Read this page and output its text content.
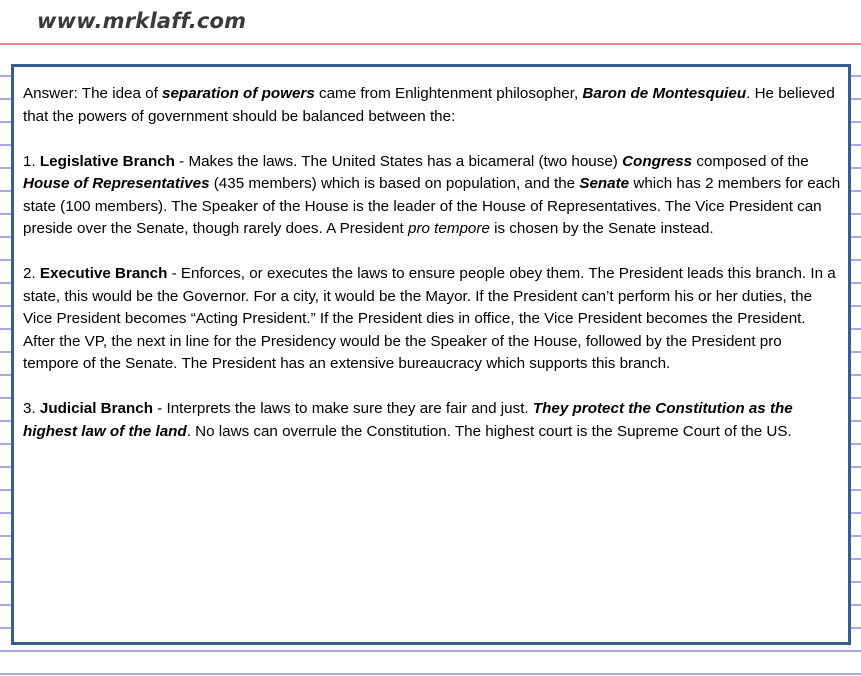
www.mrklaff.com

Answer: The idea of separation of powers came from Enlightenment philosopher, Baron de Montesquieu. He believed that the powers of government should be balanced between the:

1. Legislative Branch - Makes the laws. The United States has a bicameral (two house) Congress composed of the House of Representatives (435 members) which is based on population, and the Senate which has 2 members for each state (100 members). The Speaker of the House is the leader of the House of Representatives. The Vice President can preside over the Senate, though rarely does. A President pro tempore is chosen by the Senate instead.

2. Executive Branch - Enforces, or executes the laws to ensure people obey them. The President leads this branch. In a state, this would be the Governor. For a city, it would be the Mayor. If the President can’t perform his or her duties, the Vice President becomes “Acting President.” If the President dies in office, the Vice President becomes the President. After the VP, the next in line for the Presidency would be the Speaker of the House, followed by the President pro tempore of the Senate. The President has an extensive bureaucracy which supports this branch.

3. Judicial Branch - Interprets the laws to make sure they are fair and just. They protect the Constitution as the highest law of the land. No laws can overrule the Constitution. The highest court is the Supreme Court of the US.
